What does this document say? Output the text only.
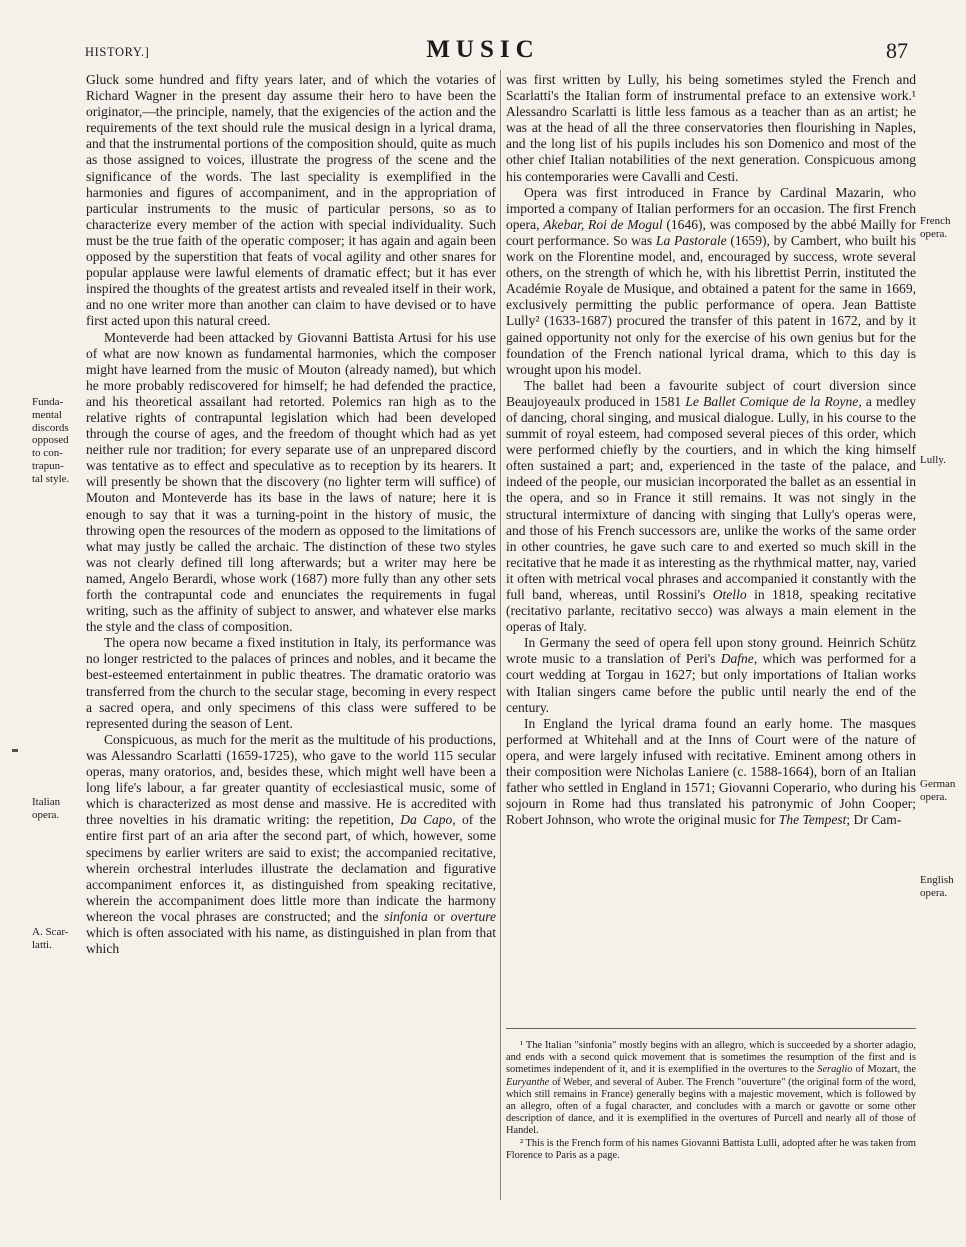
HISTORY.]	MUSIC	87
Funda-
mental
discords
opposed
to con-
trapun-
tal style.
Italian
opera.
A. Scar-
latti.
French
opera.
Lully.
German
opera.
English
opera.

Gluck some hundred and fifty years later, and of which the votaries of Richard Wagner in the present day assume their hero to have been the originator,—the principle, namely, that the exigencies of the action and the requirements of the text should rule the musical design in a lyrical drama, and that the instrumental portions of the composition should, quite as much as those assigned to voices, illustrate the progress of the scene and the significance of the words. The last speciality is exemplified in the harmonies and figures of accompaniment, and in the appropriation of particular instruments to the music of particular persons, so as to characterize every member of the action with special individuality. Such must be the true faith of the operatic composer; it has again and again been opposed by the superstition that feats of vocal agility and other snares for popular applause were lawful elements of dramatic effect; but it has ever inspired the thoughts of the greatest artists and revealed itself in their work, and no one writer more than another can claim to have devised or to have first acted upon this natural creed.

Monteverde had been attacked by Giovanni Battista Artusi for his use of what are now known as fundamental harmonies, which the composer might have learned from the music of Mouton (already named), but which he more probably rediscovered for himself; he had defended the practice, and his theoretical assailant had retorted. Polemics ran high as to the relative rights of contrapuntal legislation which had been developed through the course of ages, and the freedom of thought which had as yet neither rule nor tradition; for every separate use of an unprepared discord was tentative as to effect and speculative as to reception by its hearers. It will presently be shown that the discovery (no lighter term will suffice) of Mouton and Monteverde has its base in the laws of nature; here it is enough to say that it was a turning-point in the history of music, the throwing open the resources of the modern as opposed to the limitations of what may justly be called the archaic. The distinction of these two styles was not clearly defined till long afterwards; but a writer may here be named, Angelo Berardi, whose work (1687) more fully than any other sets forth the contrapuntal code and enunciates the requirements in fugal writing, such as the affinity of subject to answer, and whatever else marks the style and the class of composition.

The opera now became a fixed institution in Italy, its performance was no longer restricted to the palaces of princes and nobles, and it became the best-esteemed entertainment in public theatres. The dramatic oratorio was transferred from the church to the secular stage, becoming in every respect a sacred opera, and only specimens of this class were suffered to be represented during the season of Lent.

Conspicuous, as much for the merit as the multitude of his productions, was Alessandro Scarlatti (1659-1725), who gave to the world 115 secular operas, many oratorios, and, besides these, which might well have been a long life's labour, a far greater quantity of ecclesiastical music, some of which is characterized as most dense and massive. He is accredited with three novelties in his dramatic writing: the repetition, Da Capo, of the entire first part of an aria after the second part, of which, however, some specimens by earlier writers are said to exist; the accompanied recitative, wherein orchestral interludes illustrate the declamation and figurative accompaniment enforces it, as distinguished from speaking recitative, wherein the accompaniment does little more than indicate the harmony whereon the vocal phrases are constructed; and the sinfonia or overture which is often associated with his name, as distinguished in plan from that which

was first written by Lully, his being sometimes styled the French and Scarlatti's the Italian form of instrumental preface to an extensive work.¹ Alessandro Scarlatti is little less famous as a teacher than as an artist; he was at the head of all the three conservatories then flourishing in Naples, and the long list of his pupils includes his son Domenico and most of the other chief Italian notabilities of the next generation. Conspicuous among his contemporaries were Cavalli and Cesti.

Opera was first introduced in France by Cardinal Mazarin, who imported a company of Italian performers for an occasion. The first French opera, Akebar, Roi de Mogul (1646), was composed by the abbé Mailly for court performance. So was La Pastorale (1659), by Cambert, who built his work on the Florentine model, and, encouraged by success, wrote several others, on the strength of which he, with his librettist Perrin, instituted the Académie Royale de Musique, and obtained a patent for the same in 1669, exclusively permitting the public performance of opera. Jean Battiste Lully² (1633-1687) procured the transfer of this patent in 1672, and by it gained opportunity not only for the exercise of his own genius but for the foundation of the French national lyrical drama, which to this day is wrought upon his model.

The ballet had been a favourite subject of court diversion since Beaujoyeaulx produced in 1581 Le Ballet Comique de la Royne, a medley of dancing, choral singing, and musical dialogue. Lully, in his course to the summit of royal esteem, had composed several pieces of this order, which were performed chiefly by the courtiers, and in which the king himself often sustained a part; and, experienced in the taste of the palace, and indeed of the people, our musician incorporated the ballet as an essential in the opera, and so in France it still remains. It was not singly in the structural intermixture of dancing with singing that Lully's operas were, and those of his French successors are, unlike the works of the same order in other countries, he gave such care to and exerted so much skill in the recitative that he made it as interesting as the rhythmical matter, nay, varied it often with metrical vocal phrases and accompanied it constantly with the full band, whereas, until Rossini's Otello in 1818, speaking recitative (recitativo parlante, recitativo secco) was always a main element in the operas of Italy.

In Germany the seed of opera fell upon stony ground. Heinrich Schütz wrote music to a translation of Peri's Dafne, which was performed for a court wedding at Torgau in 1627; but only importations of Italian works with Italian singers came before the public until nearly the end of the century.

In England the lyrical drama found an early home. The masques performed at Whitehall and at the Inns of Court were of the nature of opera, and were largely infused with recitative. Eminent among others in their composition were Nicholas Laniere (c. 1588-1664), born of an Italian father who settled in England in 1571; Giovanni Coperario, who during his sojourn in Rome had thus translated his patronymic of John Cooper; Robert Johnson, who wrote the original music for The Tempest; Dr Cam-

¹ The Italian "sinfonia" mostly begins with an allegro, which is succeeded by a shorter adagio, and ends with a second quick movement that is sometimes the resumption of the first and is sometimes independent of it, and it is exemplified in the overtures to the Seraglio of Mozart, the Euryanthe of Weber, and several of Auber. The French "ouverture" (the original form of the word, which still remains in France) generally begins with a majestic movement, which is followed by an allegro, often of a fugal character, and concludes with a march or gavotte or some other description of dance, and it is exemplified in the overtures of Purcell and nearly all of those of Handel.

² This is the French form of his names Giovanni Battista Lulli, adopted after he was taken from Florence to Paris as a page.
